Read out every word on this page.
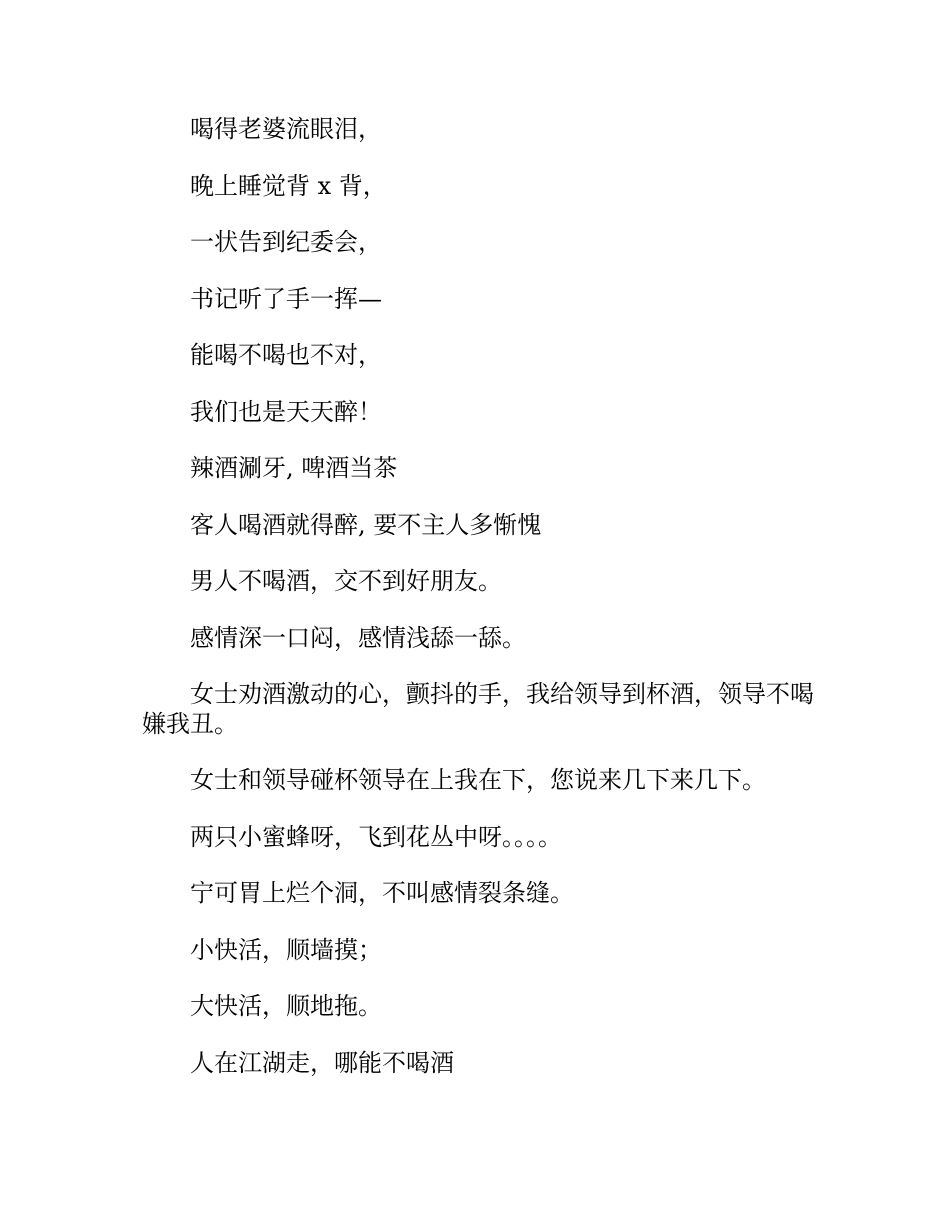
喝得老婆流眼泪，

晚上睡觉背 x 背，

一状告到纪委会，

书记听了手一挥—

能喝不喝也不对，

我们也是天天醉！

辣酒涮牙, 啤酒当茶

客人喝酒就得醉, 要不主人多惭愧

男人不喝酒，交不到好朋友。

感情深一口闷，感情浅舔一舔。

女士劝酒激动的心，颤抖的手，我给领导到杯酒，领导不喝嫌我丑。

女士和领导碰杯领导在上我在下，您说来几下来几下。

两只小蜜蜂呀，飞到花丛中呀。。。。

宁可胃上烂个洞，不叫感情裂条缝。

小快活，顺墙摸；

大快活，顺地拖。

人在江湖走，哪能不喝酒
